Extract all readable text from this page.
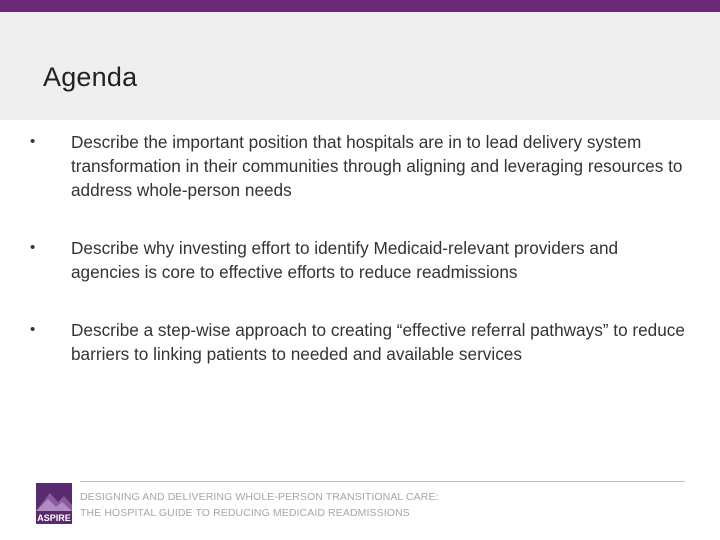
Agenda
• Describe the important position that hospitals are in to lead delivery system transformation in their communities through aligning and leveraging resources to address whole-person needs
• Describe why investing effort to identify Medicaid-relevant providers and agencies is core to effective efforts to reduce readmissions
• Describe a step-wise approach to creating “effective referral pathways” to reduce barriers to linking patients to needed and available services
ASPIRE
DESIGNING AND DELIVERING WHOLE-PERSON TRANSITIONAL CARE:
THE HOSPITAL GUIDE TO REDUCING MEDICAID READMISSIONS
